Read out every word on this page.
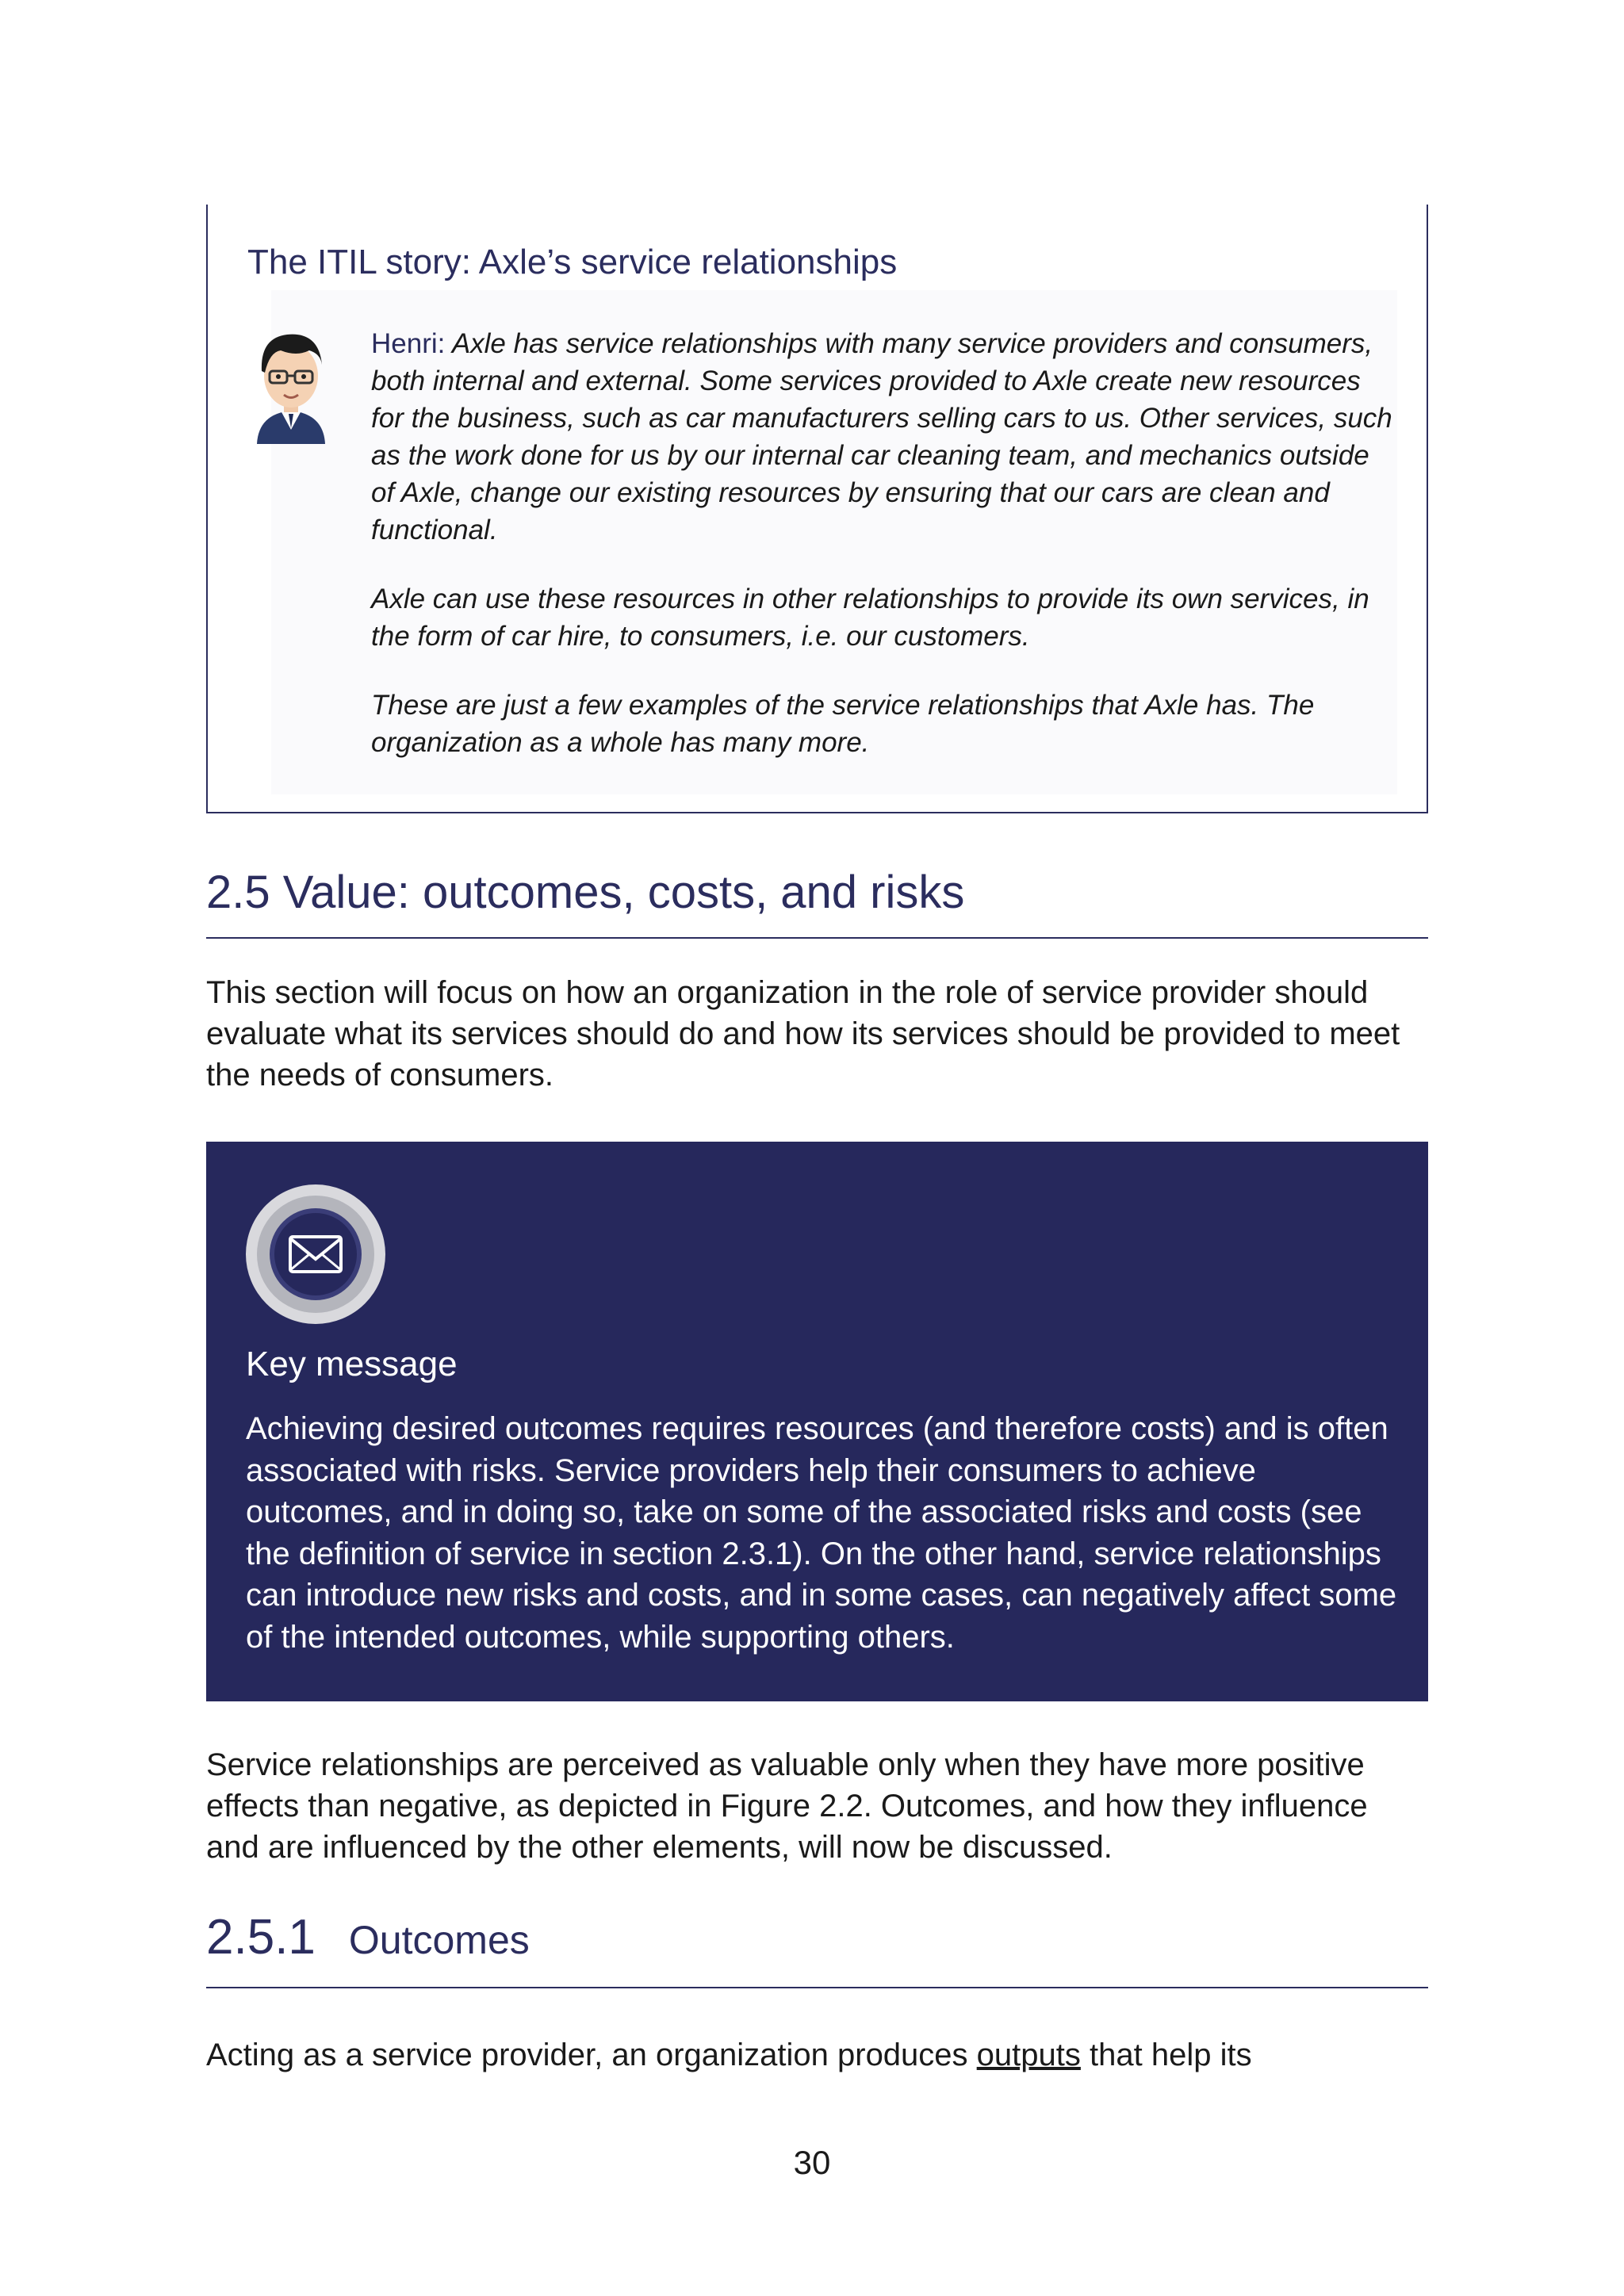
The ITIL story: Axle’s service relationships

Henri: Axle has service relationships with many service providers and consumers, both internal and external. Some services provided to Axle create new resources for the business, such as car manufacturers selling cars to us. Other services, such as the work done for us by our internal car cleaning team, and mechanics outside of Axle, change our existing resources by ensuring that our cars are clean and functional.

Axle can use these resources in other relationships to provide its own services, in the form of car hire, to consumers, i.e. our customers.

These are just a few examples of the service relationships that Axle has. The organization as a whole has many more.

2.5 Value: outcomes, costs, and risks

This section will focus on how an organization in the role of service provider should evaluate what its services should do and how its services should be provided to meet the needs of consumers.

Key message

Achieving desired outcomes requires resources (and therefore costs) and is often associated with risks. Service providers help their consumers to achieve outcomes, and in doing so, take on some of the associated risks and costs (see the definition of service in section 2.3.1). On the other hand, service relationships can introduce new risks and costs, and in some cases, can negatively affect some of the intended outcomes, while supporting others.

Service relationships are perceived as valuable only when they have more positive effects than negative, as depicted in Figure 2.2. Outcomes, and how they influence and are influenced by the other elements, will now be discussed.

2.5.1 Outcomes

Acting as a service provider, an organization produces outputs that help its

30
